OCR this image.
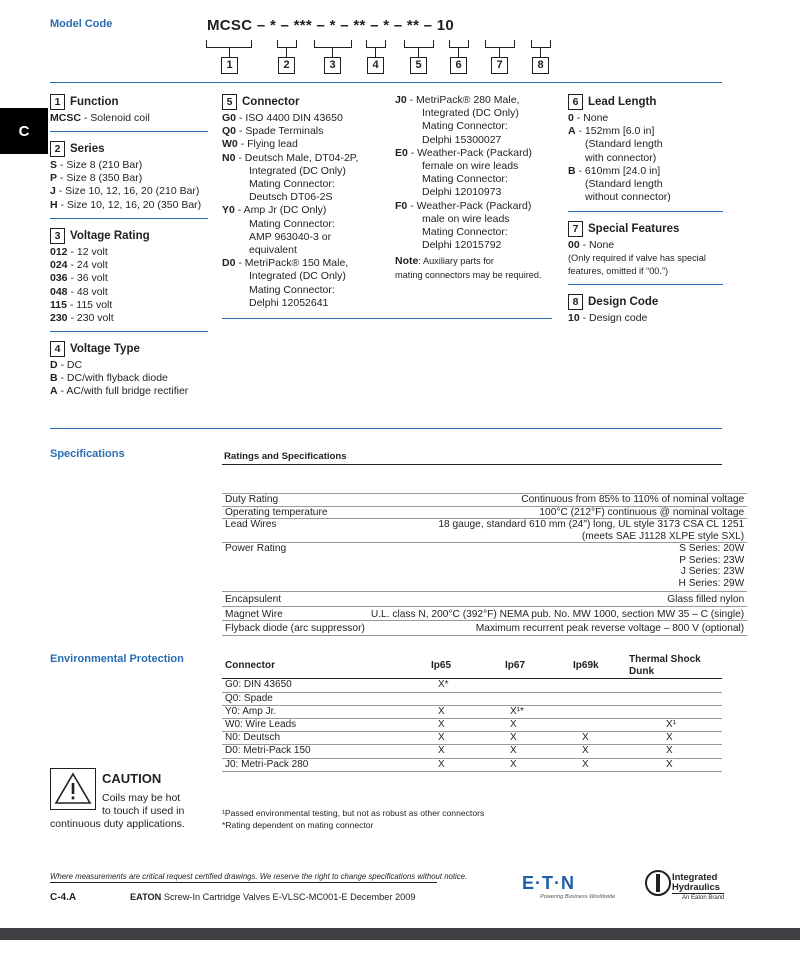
C
Model Code	MCSC – * – *** – * – ** – * – ** – 10
1	2	3	4	5	6	7	8
1 Function
MCSC - Solenoid coil
2 Series
S - Size 8 (210 Bar)
P - Size 8 (350 Bar)
J - Size 10, 12, 16, 20 (210 Bar)
H - Size 10, 12, 16, 20 (350 Bar)
3 Voltage Rating
012 - 12 volt
024 - 24 volt
036 - 36 volt
048 - 48 volt
115 - 115 volt
230 - 230 volt
4 Voltage Type
D - DC
B - DC/with flyback diode
A - AC/with full bridge rectifier
5 Connector
G0 - ISO 4400 DIN 43650
Q0 - Spade Terminals
W0 - Flying lead
N0 - Deutsch Male, DT04-2P,
Integrated (DC Only)
Mating Connector:
Deutsch DT06-2S
Y0 - Amp Jr (DC Only)
Mating Connector:
AMP 963040-3 or
equivalent
D0 - MetriPack® 150 Male,
Integrated (DC Only)
Mating Connector:
Delphi 12052641
J0 - MetriPack® 280 Male,
Integrated (DC Only)
Mating Connector:
Delphi 15300027
E0 - Weather-Pack (Packard)
female on wire leads
Mating Connector:
Delphi 12010973
F0 - Weather-Pack (Packard)
male on wire leads
Mating Connector:
Delphi 12015792
Note: Auxiliary parts for
mating connectors may be required.
6 Lead Length
0 - None
A - 152mm [6.0 in]
(Standard length
with connector)
B - 610mm [24.0 in]
(Standard length
without connector)
7 Special Features
00 - None
(Only required if valve has special
features, omitted if “00.”)
8 Design Code
10 - Design code
Specifications	Ratings and Specifications
Duty Rating	Continuous from 85% to 110% of nominal voltage
Operating temperature	100°C (212°F) continuous @ nominal voltage
Lead Wires	18 gauge, standard 610 mm (24") long, UL style 3173 CSA CL 1251
(meets SAE J1128 XLPE style SXL)

Power Rating	S Series: 20W
P Series: 23W
J Series: 23W
H Series: 29W

Encapsulent	Glass filled nylon
Magnet Wire	U.L. class N, 200°C (392°F) NEMA pub. No. MW 1000, section MW 35 – C (single)
Flyback diode (arc suppressor)	Maximum recurrent peak reverse voltage – 800 V (optional)
Environmental Protection
Connector	Ip65	Ip67	Ip69k	Thermal Shock Dunk
G0: DIN 43650	X*			
Q0: Spade				
Y0: Amp Jr.	X	X¹*		
W0: Wire Leads	X	X		X¹
N0: Deutsch	X	X	X	X
D0: Metri-Pack 150	X	X	X	X
J0: Metri-Pack 280	X	X	X	X
¹Passed environmental testing, but not as robust as other connectors
*Rating dependent on mating connector
CAUTION
Coils may be hot
to touch if used in
continuous duty applications.
Where measurements are critical request certified drawings. We reserve the right to change specifications without notice.
C-4.A	EATON Screw-In Cartridge Valves E-VLSC-MC001-E December 2009
E·T·N
Powering Business Worldwide
Integrated
Hydraulics
An Eaton Brand
